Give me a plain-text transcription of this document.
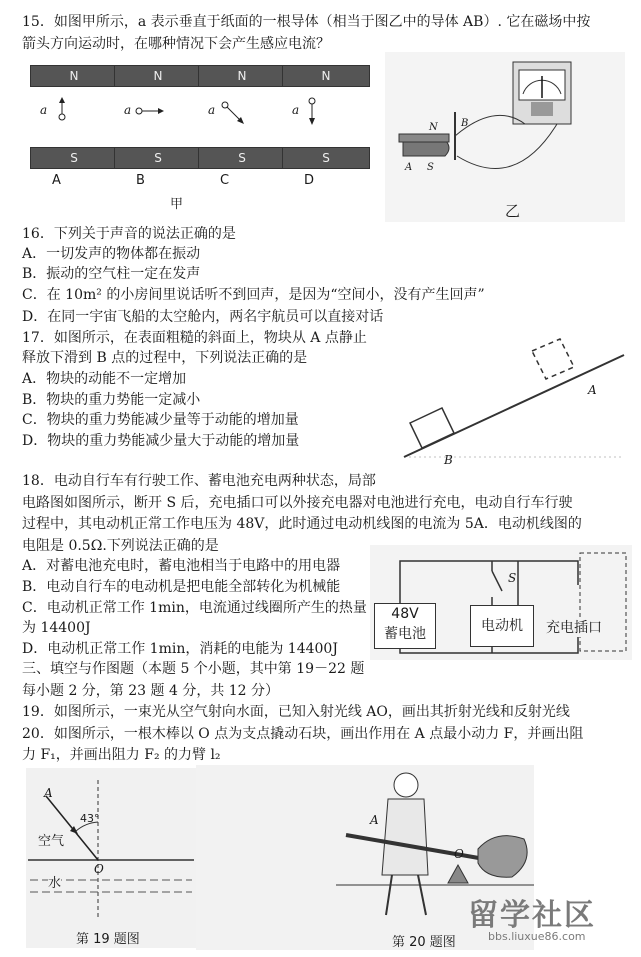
15．如图甲所示，a 表示垂直于纸面的一根导体（相当于图乙中的导体 AB）. 它在磁场中按
箭头方向运动时，在哪种情况下会产生感应电流？
N
S
a
A
N
S
a
B
N
S
a
C
N
S
a
D
甲
N B
S
A
乙
16．下列关于声音的说法正确的是
A．一切发声的物体都在振动
B．振动的空气柱一定在发声
C．在 10m² 的小房间里说话听不到回声，是因为“空间小，没有产生回声”
D．在同一宇宙飞船的太空舱内，两名宇航员可以直接对话
17．如图所示，在表面粗糙的斜面上，物块从 A 点静止
释放下滑到 B 点的过程中，下列说法正确的是
A．物块的动能不一定增加
B．物块的重力势能一定减小
C．物块的重力势能减少量等于动能的增加量
D．物块的重力势能减少量大于动能的增加量
A
B
18．电动自行车有行驶工作、蓄电池充电两种状态，局部
电路图如图所示，断开 S 后，充电插口可以外接充电器对电池进行充电，电动自行车行驶
过程中，其电动机正常工作电压为 48V，此时通过电动机线图的电流为 5A．电动机线图的
电阻是 0.5Ω.下列说法正确的是
A．对蓄电池充电时，蓄电池相当于电路中的用电器
B．电动自行车的电动机是把电能全部转化为机械能
C．电动机正常工作 1min，电流通过线圈所产生的热量
为 14400J
D．电动机正常工作 1min，消耗的电能为 14400J
S
48V
蓄电池	电动机	充电插口
三、填空与作图题（本题 5 个小题，其中第 19－22 题
每小题 2 分，第 23 题 4 分，共 12 分）
19．如图所示，一束光从空气射向水面，已知入射光线 AO，画出其折射光线和反射光线
20．如图所示，一根木棒以 O 点为支点撬动石块，画出作用在 A 点最小动力 F，并画出阻
力 F₁，并画出阻力 F₂ 的力臂 l₂
A
43°
空气
O
水
第 19 题图
O
A
第 20 题图
留学社区
bbs.liuxue86.com
